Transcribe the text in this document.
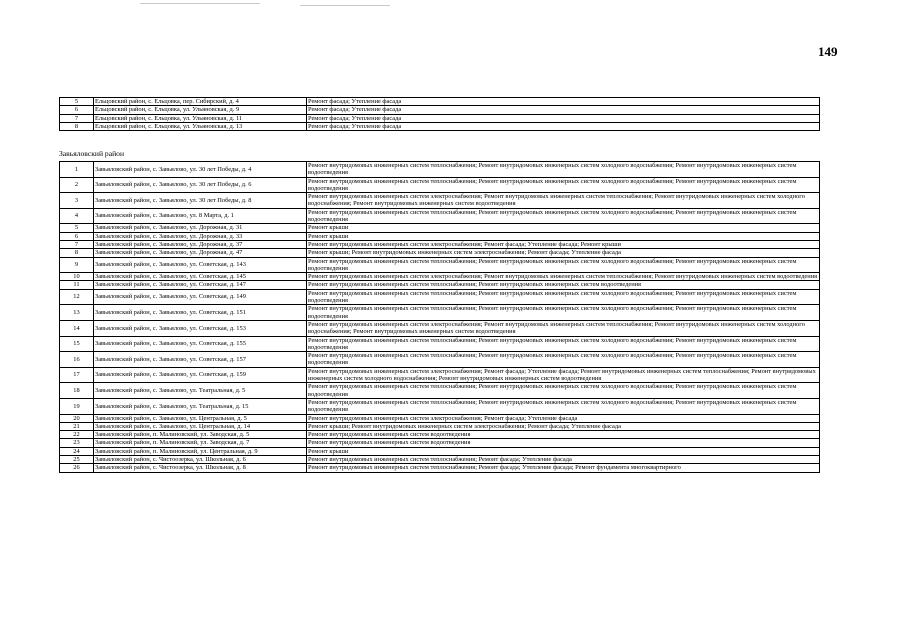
149
5	Ельцовский район, с. Ельцовка, пер. Сибирский, д. 4	Ремонт фасада; Утепление фасада
6	Ельцовский район, с. Ельцовка, ул. Ульяновская, д. 9	Ремонт фасада; Утепление фасада
7	Ельцовский район, с. Ельцовка, ул. Ульяновская, д. 11	Ремонт фасада; Утепление фасада
8	Ельцовский район, с. Ельцовка, ул. Ульяновская, д. 13	Ремонт фасада; Утепление фасада
Завьяловский район
1	Завьяловский район, с. Завьялово, ул. 30 лет Победы, д. 4	Ремонт внутридомовых инженерных систем теплоснабжения; Ремонт внутридомовых инженерных систем холодного водоснабжения; Ремонт внутридомовых инженерных систем водоотведения
2	Завьяловский район, с. Завьялово, ул. 30 лет Победы, д. 6	Ремонт внутридомовых инженерных систем теплоснабжения; Ремонт внутридомовых инженерных систем холодного водоснабжения; Ремонт внутридомовых инженерных систем водоотведения
3	Завьяловский район, с. Завьялово, ул. 30 лет Победы, д. 8	Ремонт внутридомовых инженерных систем электроснабжения; Ремонт внутридомовых инженерных систем теплоснабжения; Ремонт внутридомовых инженерных систем холодного водоснабжения; Ремонт внутридомовых инженерных систем водоотведения
4	Завьяловский район, с. Завьялово, ул. 8 Марта, д. 1	Ремонт внутридомовых инженерных систем теплоснабжения; Ремонт внутридомовых инженерных систем холодного водоснабжения; Ремонт внутридомовых инженерных систем водоотведения
5	Завьяловский район, с. Завьялово, ул. Дорожная, д. 31	Ремонт крыши
6	Завьяловский район, с. Завьялово, ул. Дорожная, д. 33	Ремонт крыши
7	Завьяловский район, с. Завьялово, ул. Дорожная, д. 37	Ремонт внутридомовых инженерных систем электроснабжения; Ремонт фасада; Утепление фасада; Ремонт крыши
8	Завьяловский район, с. Завьялово, ул. Дорожная, д. 47	Ремонт крыши; Ремонт внутридомовых инженерных систем электроснабжения; Ремонт фасада; Утепление фасада
9	Завьяловский район, с. Завьялово, ул. Советская, д. 143	Ремонт внутридомовых инженерных систем теплоснабжения; Ремонт внутридомовых инженерных систем холодного водоснабжения; Ремонт внутридомовых инженерных систем водоотведения
10	Завьяловский район, с. Завьялово, ул. Советская, д. 145	Ремонт внутридомовых инженерных систем электроснабжения; Ремонт внутридомовых инженерных систем теплоснабжения; Ремонт внутридомовых инженерных систем водоотведения
11	Завьяловский район, с. Завьялово, ул. Советская, д. 147	Ремонт внутридомовых инженерных систем теплоснабжения; Ремонт внутридомовых инженерных систем водоотведения
12	Завьяловский район, с. Завьялово, ул. Советская, д. 149	Ремонт внутридомовых инженерных систем теплоснабжения; Ремонт внутридомовых инженерных систем холодного водоснабжения; Ремонт внутридомовых инженерных систем водоотведения
13	Завьяловский район, с. Завьялово, ул. Советская, д. 151	Ремонт внутридомовых инженерных систем теплоснабжения; Ремонт внутридомовых инженерных систем холодного водоснабжения; Ремонт внутридомовых инженерных систем водоотведения
14	Завьяловский район, с. Завьялово, ул. Советская, д. 153	Ремонт внутридомовых инженерных систем электроснабжения; Ремонт внутридомовых инженерных систем теплоснабжения; Ремонт внутридомовых инженерных систем холодного водоснабжения; Ремонт внутридомовых инженерных систем водоотведения
15	Завьяловский район, с. Завьялово, ул. Советская, д. 155	Ремонт внутридомовых инженерных систем теплоснабжения; Ремонт внутридомовых инженерных систем холодного водоснабжения; Ремонт внутридомовых инженерных систем водоотведения
16	Завьяловский район, с. Завьялово, ул. Советская, д. 157	Ремонт внутридомовых инженерных систем теплоснабжения; Ремонт внутридомовых инженерных систем холодного водоснабжения; Ремонт внутридомовых инженерных систем водоотведения
17	Завьяловский район, с. Завьялово, ул. Советская, д. 159	Ремонт внутридомовых инженерных систем электроснабжения; Ремонт фасада; Утепление фасада; Ремонт внутридомовых инженерных систем теплоснабжения; Ремонт внутридомовых инженерных систем холодного водоснабжения; Ремонт внутридомовых инженерных систем водоотведения
18	Завьяловский район, с. Завьялово, ул. Театральная, д. 5	Ремонт внутридомовых инженерных систем теплоснабжения; Ремонт внутридомовых инженерных систем холодного водоснабжения; Ремонт внутридомовых инженерных систем водоотведения
19	Завьяловский район, с. Завьялово, ул. Театральная, д. 15	Ремонт внутридомовых инженерных систем теплоснабжения; Ремонт внутридомовых инженерных систем холодного водоснабжения; Ремонт внутридомовых инженерных систем водоотведения
20	Завьяловский район, с. Завьялово, ул. Центральная, д. 5	Ремонт внутридомовых инженерных систем электроснабжения; Ремонт фасада; Утепление фасада
21	Завьяловский район, с. Завьялово, ул. Центральная, д. 14	Ремонт крыши; Ремонт внутридомовых инженерных систем электроснабжения; Ремонт фасада; Утепление фасада
22	Завьяловский район, п. Малиновский, ул. Заводская, д. 5	Ремонт внутридомовых инженерных систем водоотведения
23	Завьяловский район, п. Малиновский, ул. Заводская, д. 7	Ремонт внутридомовых инженерных систем водоотведения
24	Завьяловский район, п. Малиновский, ул. Центральная, д. 9	Ремонт крыши
25	Завьяловский район, с. Чистоозерка, ул. Школьная, д. 6	Ремонт внутридомовых инженерных систем теплоснабжения; Ремонт фасада; Утепление фасада
26	Завьяловский район, с. Чистоозерка, ул. Школьная, д. 8	Ремонт внутридомовых инженерных систем теплоснабжения; Ремонт фасада; Утепление фасада; Ремонт фундамента многоквартирного
